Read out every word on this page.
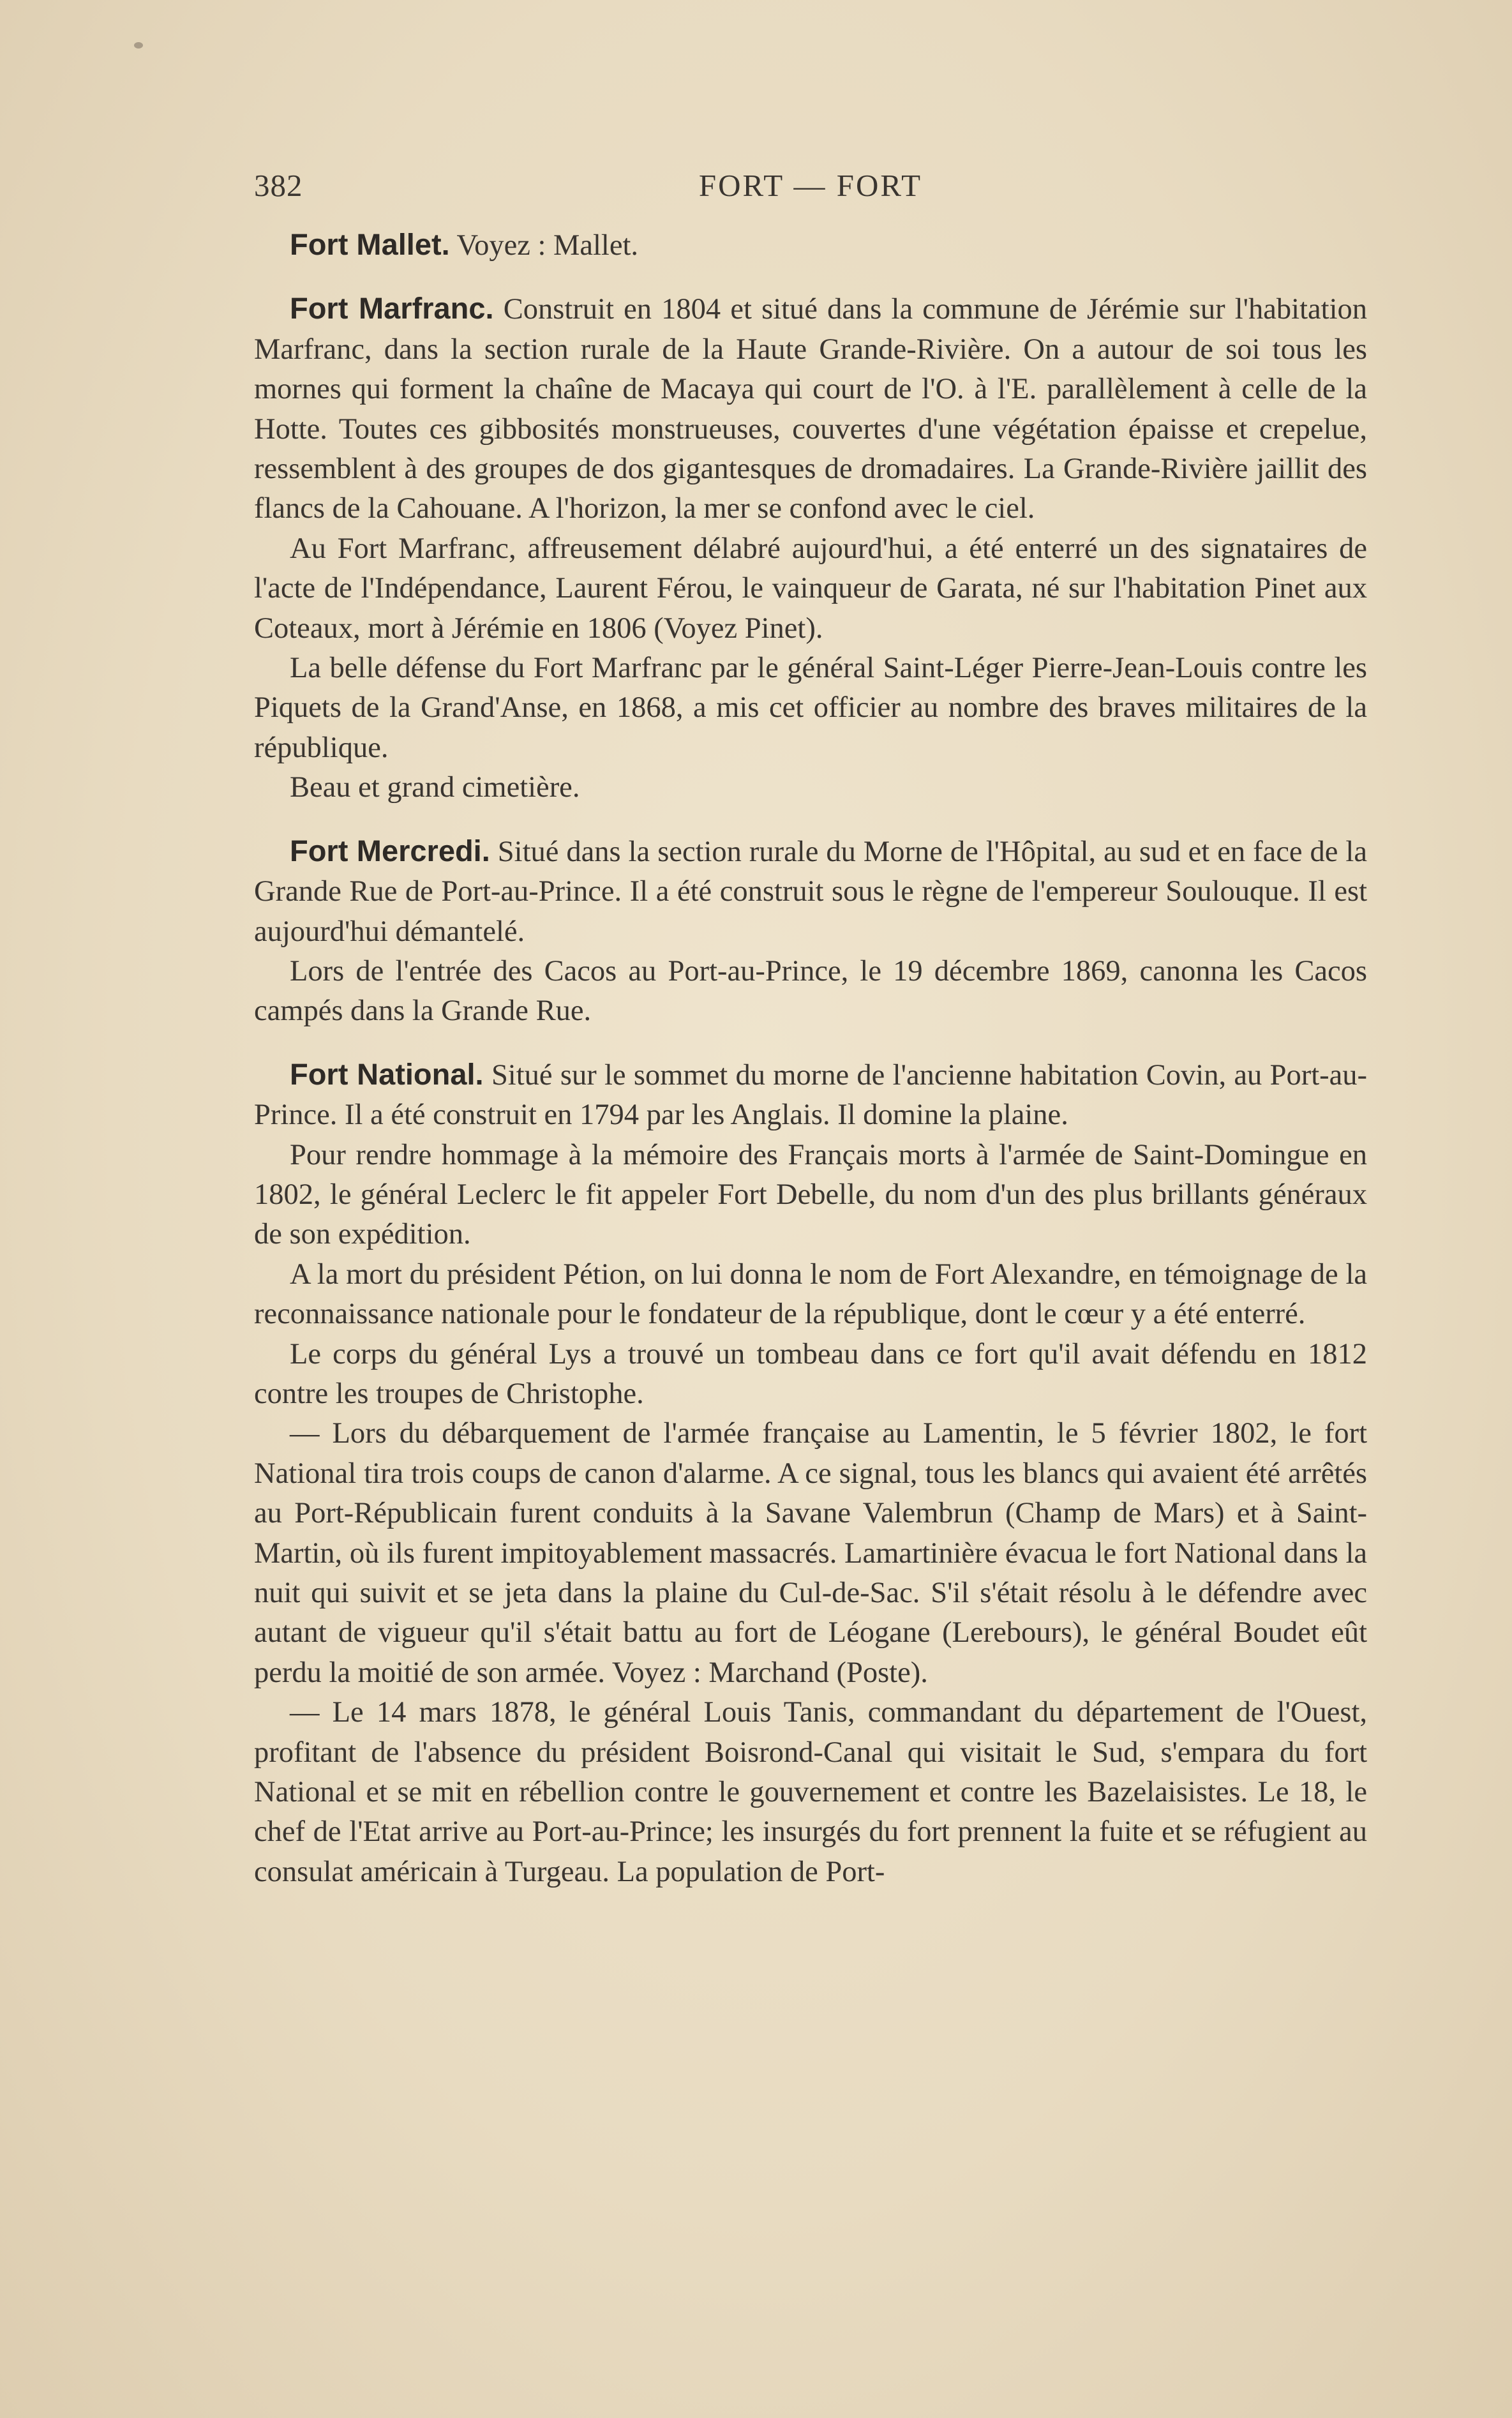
382	FORT — FORT

Fort Mallet. Voyez : Mallet.

Fort Marfranc. Construit en 1804 et situé dans la commune de Jérémie sur l'habitation Marfranc, dans la section rurale de la Haute Grande-Rivière. On a autour de soi tous les mornes qui forment la chaîne de Macaya qui court de l'O. à l'E. parallèlement à celle de la Hotte. Toutes ces gibbosités monstrueuses, couvertes d'une végétation épaisse et crepelue, ressemblent à des groupes de dos gigantesques de dromadaires. La Grande-Rivière jaillit des flancs de la Cahouane. A l'horizon, la mer se confond avec le ciel.

Au Fort Marfranc, affreusement délabré aujourd'hui, a été enterré un des signataires de l'acte de l'Indépendance, Laurent Férou, le vainqueur de Garata, né sur l'habitation Pinet aux Coteaux, mort à Jérémie en 1806 (Voyez Pinet).

La belle défense du Fort Marfranc par le général Saint-Léger Pierre-Jean-Louis contre les Piquets de la Grand'Anse, en 1868, a mis cet officier au nombre des braves militaires de la république.

Beau et grand cimetière.

Fort Mercredi. Situé dans la section rurale du Morne de l'Hôpital, au sud et en face de la Grande Rue de Port-au-Prince. Il a été construit sous le règne de l'empereur Soulouque. Il est aujourd'hui démantelé.

Lors de l'entrée des Cacos au Port-au-Prince, le 19 décembre 1869, canonna les Cacos campés dans la Grande Rue.

Fort National. Situé sur le sommet du morne de l'ancienne habitation Covin, au Port-au-Prince. Il a été construit en 1794 par les Anglais. Il domine la plaine.

Pour rendre hommage à la mémoire des Français morts à l'armée de Saint-Domingue en 1802, le général Leclerc le fit appeler Fort Debelle, du nom d'un des plus brillants généraux de son expédition.

A la mort du président Pétion, on lui donna le nom de Fort Alexandre, en témoignage de la reconnaissance nationale pour le fondateur de la république, dont le cœur y a été enterré.

Le corps du général Lys a trouvé un tombeau dans ce fort qu'il avait défendu en 1812 contre les troupes de Christophe.

— Lors du débarquement de l'armée française au Lamentin, le 5 février 1802, le fort National tira trois coups de canon d'alarme. A ce signal, tous les blancs qui avaient été arrêtés au Port-Républicain furent conduits à la Savane Valembrun (Champ de Mars) et à Saint-Martin, où ils furent impitoyablement massacrés. Lamartinière évacua le fort National dans la nuit qui suivit et se jeta dans la plaine du Cul-de-Sac. S'il s'était résolu à le défendre avec autant de vigueur qu'il s'était battu au fort de Léogane (Lerebours), le général Boudet eût perdu la moitié de son armée. Voyez : Marchand (Poste).

— Le 14 mars 1878, le général Louis Tanis, commandant du département de l'Ouest, profitant de l'absence du président Boisrond-Canal qui visitait le Sud, s'empara du fort National et se mit en rébellion contre le gouvernement et contre les Bazelaisistes. Le 18, le chef de l'Etat arrive au Port-au-Prince; les insurgés du fort prennent la fuite et se réfugient au consulat américain à Turgeau. La population de Port-
